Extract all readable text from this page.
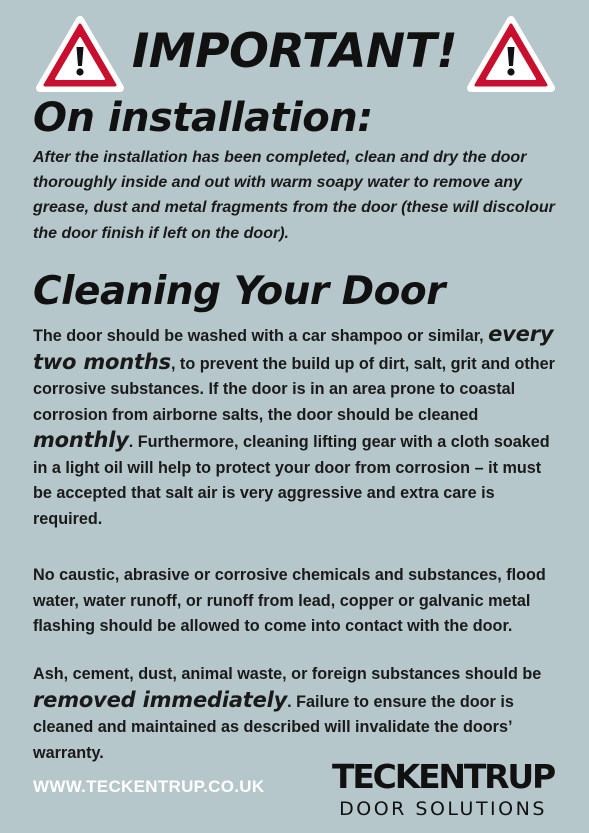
IMPORTANT!
On installation:

After the installation has been completed, clean and dry the door thoroughly inside and out with warm soapy water to remove any grease, dust and metal fragments from the door (these will discolour the door finish if left on the door).

Cleaning Your Door

The door should be washed with a car shampoo or similar, every two months, to prevent the build up of dirt, salt, grit and other corrosive substances. If the door is in an area prone to coastal corrosion from airborne salts, the door should be cleaned monthly. Furthermore, cleaning lifting gear with a cloth soaked in a light oil will help to protect your door from corrosion – it must be accepted that salt air is very aggressive and extra care is required.

No caustic, abrasive or corrosive chemicals and substances, flood water, water runoff, or runoff from lead, copper or galvanic metal flashing should be allowed to come into contact with the door.

Ash, cement, dust, animal waste, or foreign substances should be removed immediately. Failure to ensure the door is cleaned and maintained as described will invalidate the doors’ warranty.

WWW.TECKENTRUP.CO.UK TECKENTRUP
DOOR SOLUTIONS
